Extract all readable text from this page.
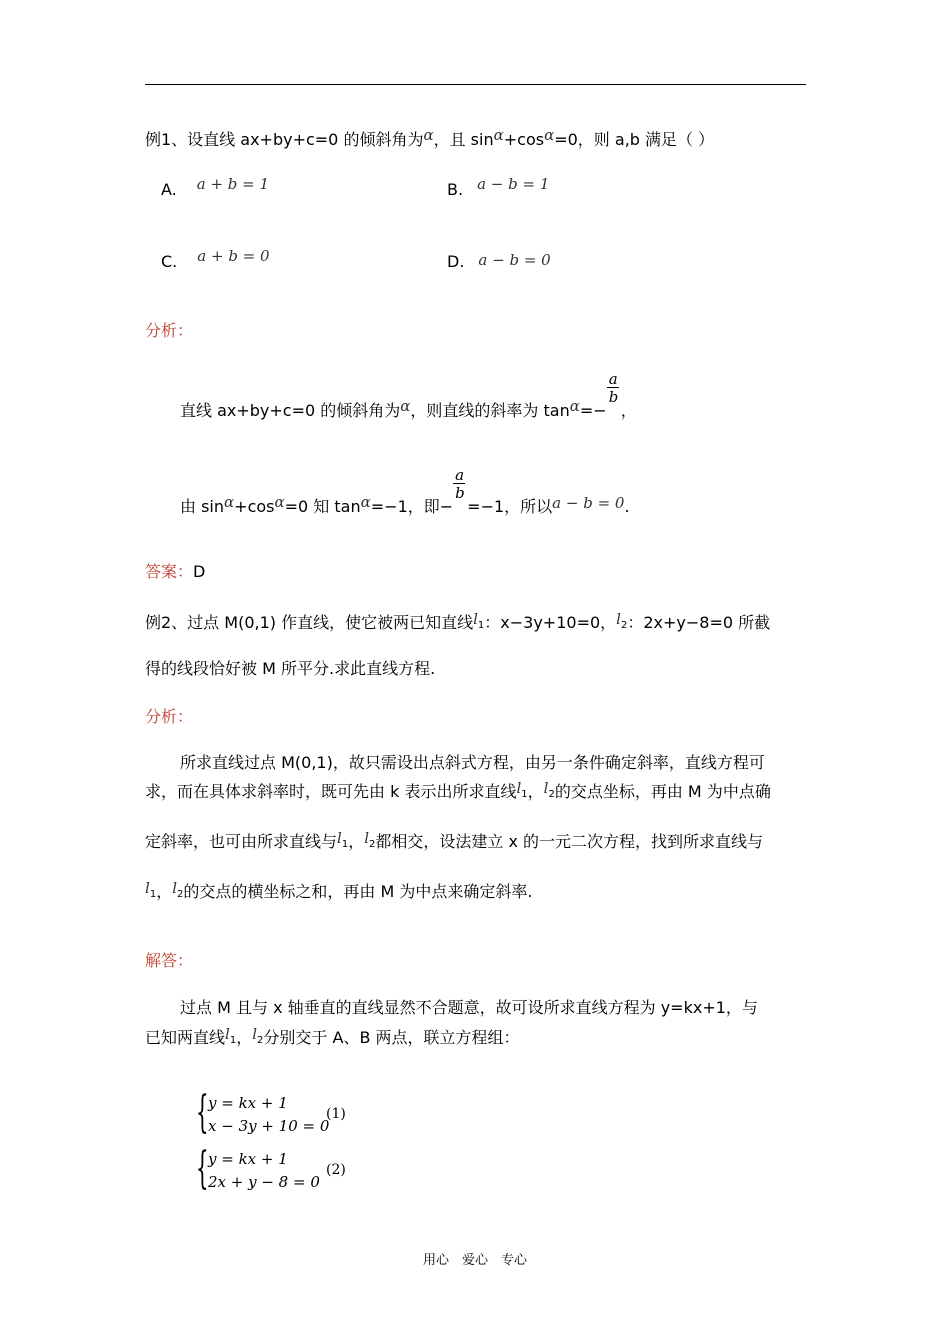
例1、设直线 ax+by+c=0 的倾斜角为α，且 sinα+cosα=0，则 a,b 满足（ ）
A. a + b = 1	B. a − b = 1
C. a + b = 0	D. a − b = 0
分析：
直线 ax+by+c=0 的倾斜角为α，则直线的斜率为 $\tan\alpha=- \frac{a}{b}$ ，
由 sinα+cosα=0 知 tanα=−1，即− $\frac{a}{b} =-1$，所以a − b = 0.
答案：D
例2、过点 M(0,1) 作直线，使它被两已知直线l1：x−3y+10=0，l2：2x+y−8=0 所截
得的线段恰好被 M 所平分.求此直线方程.
分析：
所求直线过点 M(0,1)，故只需设出点斜式方程，由另一条件确定斜率，直线方程可
求，而在具体求斜率时，既可先由 k 表示出所求直线l1，l2的交点坐标，再由 M 为中点确
定斜率，也可由所求直线与l1，l2都相交，设法建立 x 的一元二次方程，找到所求直线与
l1，l2的交点的横坐标之和，再由 M 为中点来确定斜率.
解答：
过点 M 且与 x 轴垂直的直线显然不合题意，故可设所求直线方程为 y=kx+1，与
已知两直线l1，l2分别交于 A、B 两点，联立方程组：
{ y = kx + 1
x − 3y + 10 = 0
(1)
{ y = kx + 1
2x + y − 8 = 0
(2)
用心　爱心　专心
